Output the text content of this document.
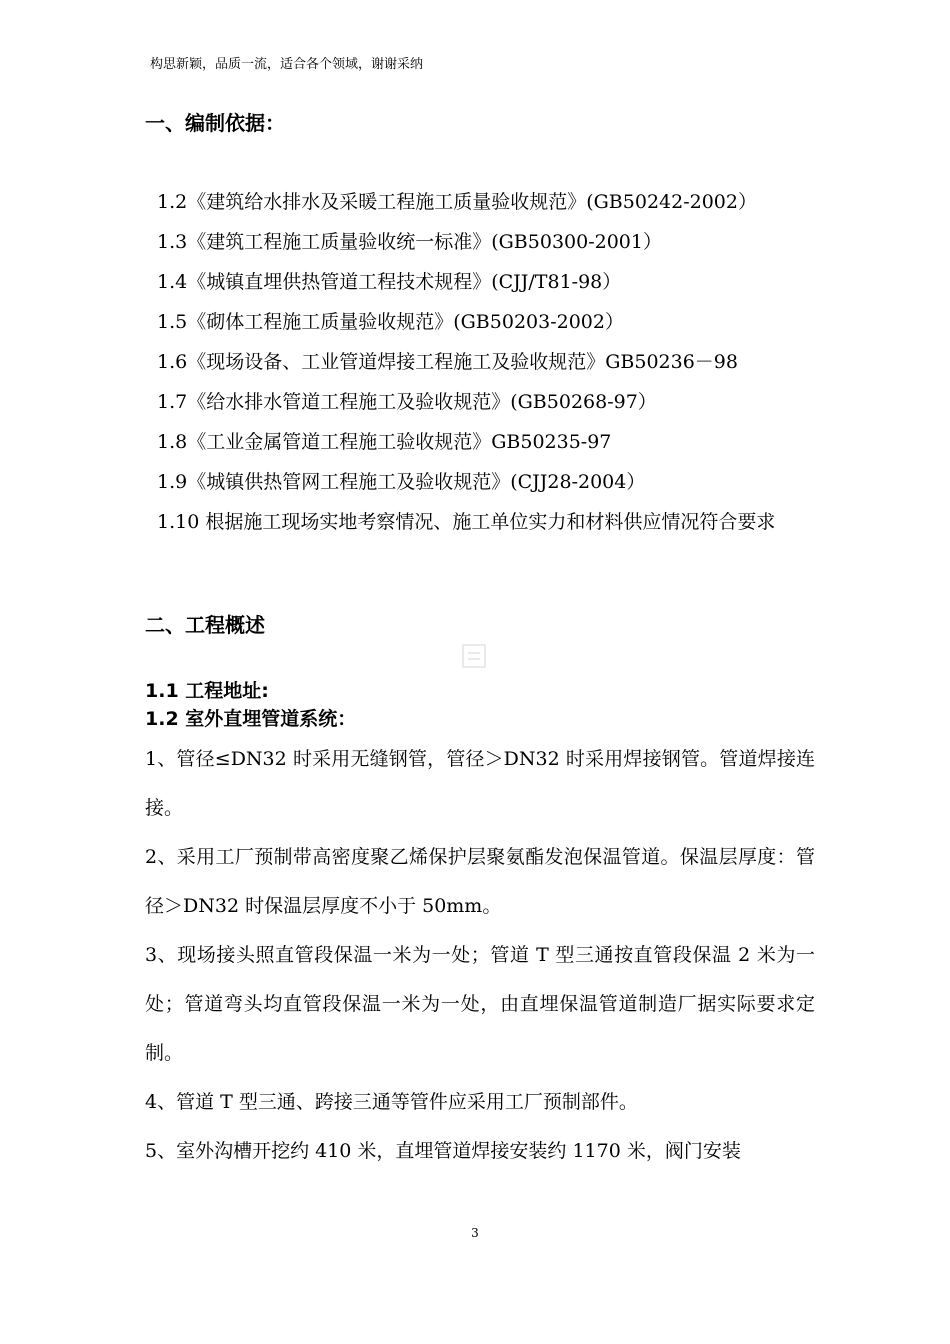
构思新颖，品质一流，适合各个领域，谢谢采纳
一、编制依据：
1.2《建筑给水排水及采暖工程施工质量验收规范》(GB50242-2002）
1.3《建筑工程施工质量验收统一标准》(GB50300-2001）
1.4《城镇直埋供热管道工程技术规程》(CJJ/T81-98）
1.5《砌体工程施工质量验收规范》(GB50203-2002）
1.6《现场设备、工业管道焊接工程施工及验收规范》GB50236－98
1.7《给水排水管道工程施工及验收规范》(GB50268-97）
1.8《工业金属管道工程施工验收规范》GB50235-97
1.9《城镇供热管网工程施工及验收规范》(CJJ28-2004）
1.10 根据施工现场实地考察情况、施工单位实力和材料供应情况符合要求
二、工程概述
1.1 工程地址:
1.2 室外直埋管道系统：
1、管径≤DN32 时采用无缝钢管，管径＞DN32 时采用焊接钢管。管道焊接连接。
2、采用工厂预制带高密度聚乙烯保护层聚氨酯发泡保温管道。保温层厚度：管径＞DN32 时保温层厚度不小于 50mm。
3、现场接头照直管段保温一米为一处；管道 T 型三通按直管段保温 2 米为一处；管道弯头均直管段保温一米为一处，由直埋保温管道制造厂据实际要求定制。
4、管道 T 型三通、跨接三通等管件应采用工厂预制部件。
5、室外沟槽开挖约 410 米，直埋管道焊接安装约 1170 米，阀门安装
3
